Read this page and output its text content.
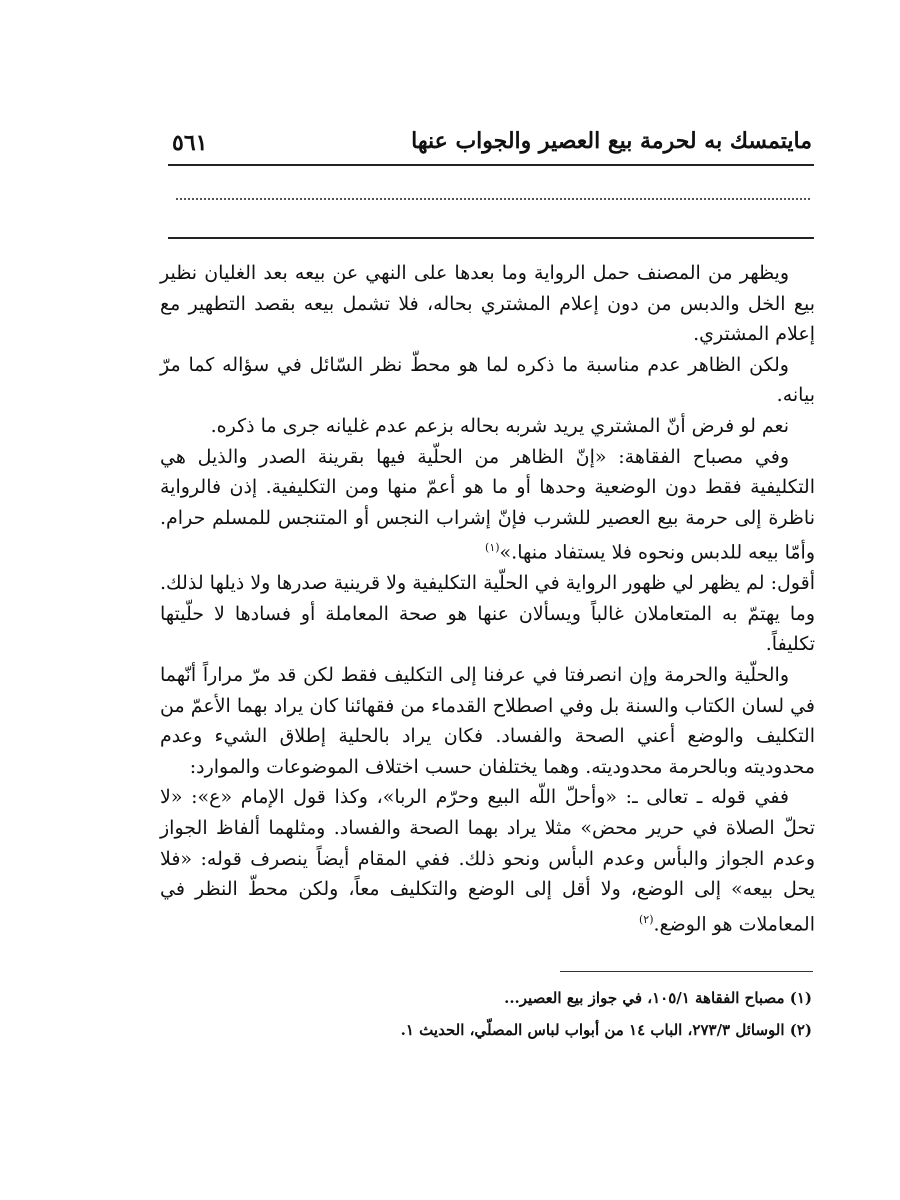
مايتمسك به لحرمة بيع العصير والجواب عنها
٥٦١

ويظهر من المصنف حمل الرواية وما بعدها على النهي عن بيعه بعد الغليان نظير بيع الخل والدبس من دون إعلام المشتري بحاله، فلا تشمل بيعه بقصد التطهير مع إعلام المشتري.

ولكن الظاهر عدم مناسبة ما ذكره لما هو محطّ نظر السّائل في سؤاله كما مرّ بيانه.

نعم لو فرض أنّ المشتري يريد شربه بحاله بزعم عدم غليانه جرى ما ذكره.

وفي مصباح الفقاهة: «إنّ الظاهر من الحلّية فيها بقرينة الصدر والذيل هي التكليفية فقط دون الوضعية وحدها أو ما هو أعمّ منها ومن التكليفية. إذن فالرواية ناظرة إلى حرمة بيع العصير للشرب فإنّ إشراب النجس أو المتنجس للمسلم حرام. وأمّا بيعه للدبس ونحوه فلا يستفاد منها.»$^{(١)}$

أقول: لم يظهر لي ظهور الرواية في الحلّية التكليفية ولا قرينية صدرها ولا ذيلها لذلك. وما يهتمّ به المتعاملان غالباً ويسألان عنها هو صحة المعاملة أو فسادها لا حلّيتها تكليفاً.

والحلّية والحرمة وإن انصرفتا في عرفنا إلى التكليف فقط لكن قد مرّ مراراً أنّهما في لسان الكتاب والسنة بل وفي اصطلاح القدماء من فقهائنا كان يراد بهما الأعمّ من التكليف والوضع أعني الصحة والفساد. فكان يراد بالحلية إطلاق الشيء وعدم محدوديته وبالحرمة محدوديته. وهما يختلفان حسب اختلاف الموضوعات والموارد:

ففي قوله ـ تعالى ـ: «وأحلّ اللّه البيع وحرّم الربا»، وكذا قول الإمام «ع»: «لا تحلّ الصلاة في حرير محض» مثلا يراد بهما الصحة والفساد. ومثلهما ألفاظ الجواز وعدم الجواز والبأس وعدم البأس ونحو ذلك. ففي المقام أيضاً ينصرف قوله: «فلا يحل بيعه» إلى الوضع، ولا أقل إلى الوضع والتكليف معاً، ولكن محطّ النظر في المعاملات هو الوضع.$^{(٢)}$

(١) مصباح الفقاهة ١٠٥/١، في جواز بيع العصير...
(٢) الوسائل ٢٧٣/٣، الباب ١٤ من أبواب لباس المصلّي، الحديث ١.
